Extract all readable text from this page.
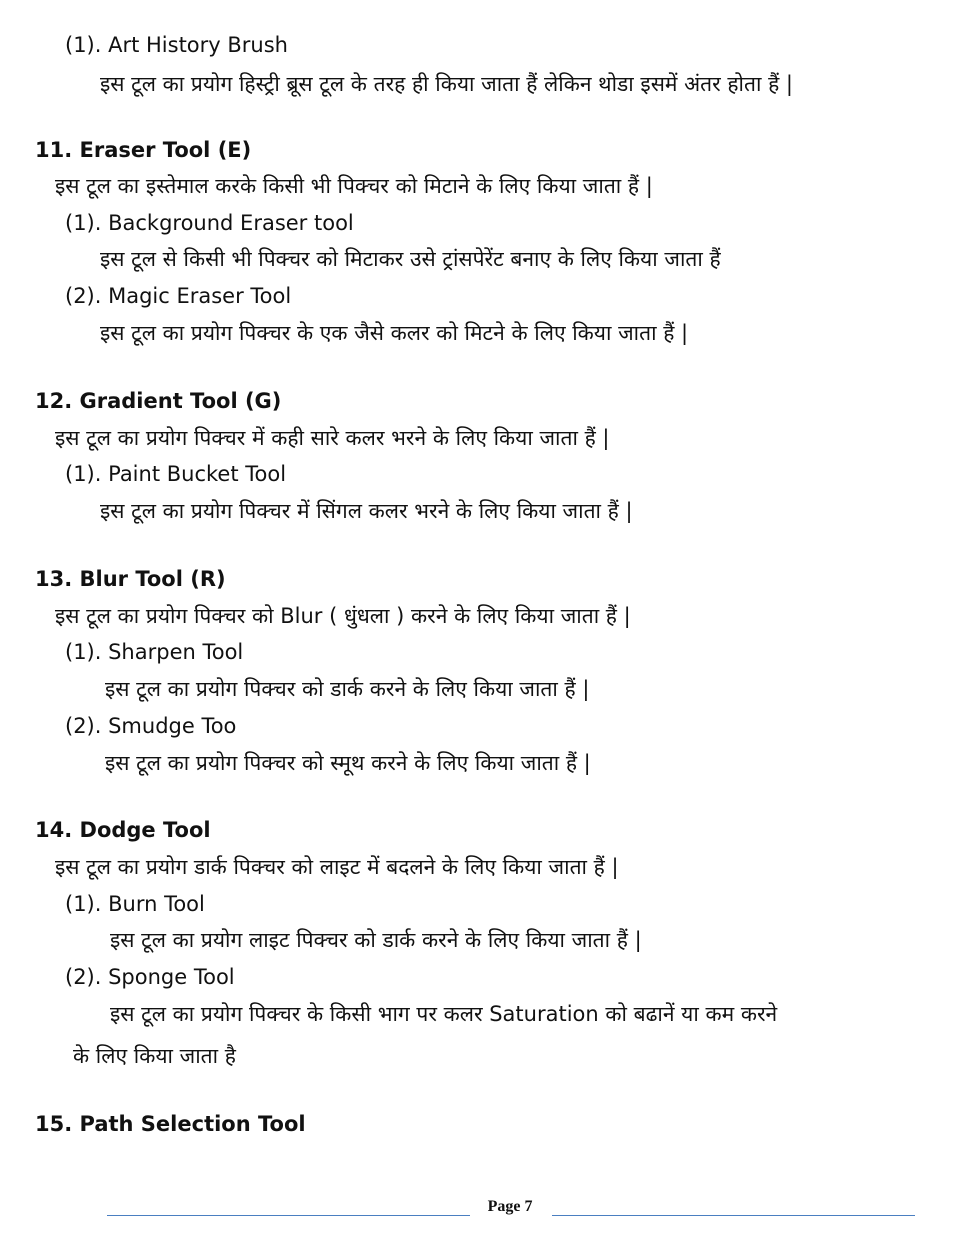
(1). Art History Brush
इस टूल का प्रयोग हिस्ट्री ब्रूस टूल के तरह ही किया जाता हैं लेकिन थोडा इसमें अंतर होता हैं |
11. Eraser Tool (E)
इस टूल का इस्तेमाल करके किसी भी पिक्चर को मिटाने के लिए किया जाता हैं |
(1). Background Eraser tool
इस टूल से किसी भी पिक्चर को मिटाकर उसे ट्रांसपेरेंट बनाए के लिए किया जाता हैं
(2). Magic Eraser Tool
इस टूल का प्रयोग पिक्चर के एक जैसे कलर को मिटने के लिए किया जाता हैं |
12. Gradient Tool (G)
इस टूल का प्रयोग पिक्चर में कही सारे कलर भरने के लिए किया जाता हैं |
(1). Paint Bucket Tool
इस टूल का प्रयोग पिक्चर में सिंगल कलर भरने के लिए किया जाता हैं |
13. Blur Tool (R)
इस टूल का प्रयोग पिक्चर को Blur ( धुंधला ) करने के लिए किया जाता हैं |
(1). Sharpen Tool
इस टूल का प्रयोग पिक्चर को डार्क करने के लिए किया जाता हैं |
(2). Smudge Too
इस टूल का प्रयोग पिक्चर को स्मूथ करने के लिए किया जाता हैं |
14. Dodge Tool
इस टूल का प्रयोग डार्क पिक्चर को लाइट में बदलने के लिए किया जाता हैं |
(1). Burn Tool
इस टूल का प्रयोग लाइट पिक्चर को डार्क करने के लिए किया जाता हैं |
(2). Sponge Tool
इस टूल का प्रयोग पिक्चर के किसी भाग पर कलर Saturation को बढानें या कम करने
के लिए किया जाता है
15. Path Selection Tool
Page 7
